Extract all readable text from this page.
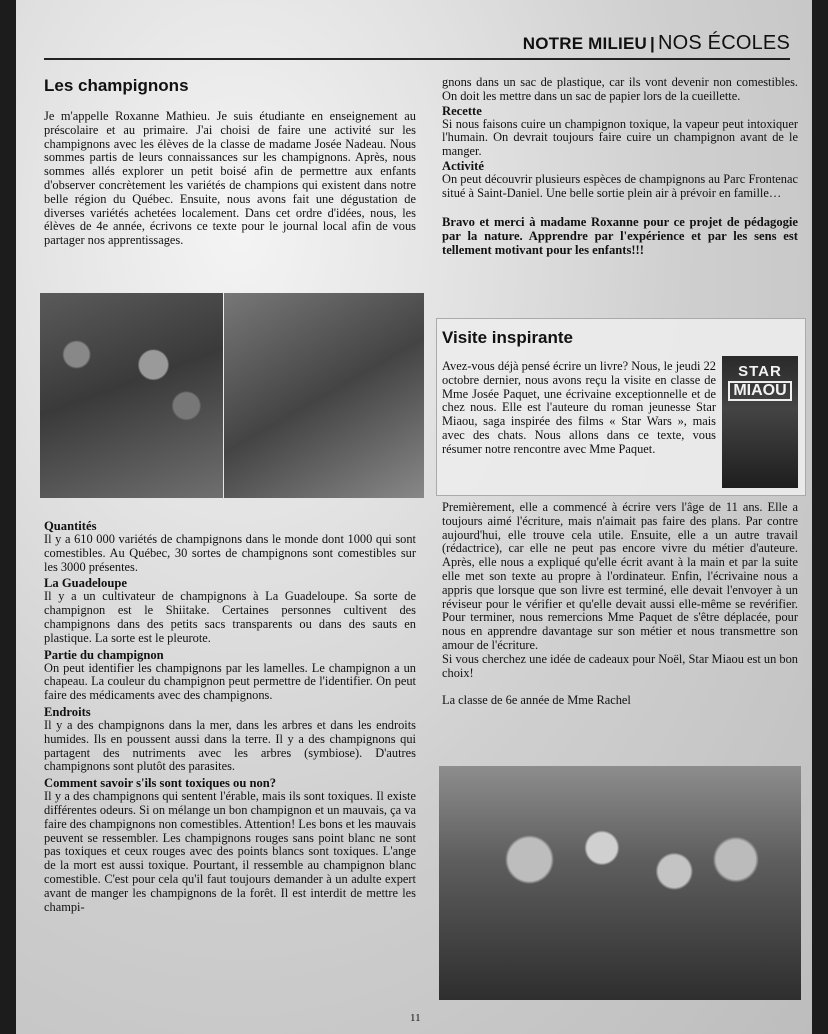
NOTRE MILIEU | NOS ÉCOLES
Les champignons
Je m'appelle Roxanne Mathieu. Je suis étudiante en enseignement au préscolaire et au primaire. J'ai choisi de faire une activité sur les champignons avec les élèves de la classe de madame Josée Nadeau. Nous sommes partis de leurs connaissances sur les champignons. Après, nous sommes allés explorer un petit boisé afin de permettre aux enfants d'observer concrètement les variétés de champions qui existent dans notre belle région du Québec. Ensuite, nous avons fait une dégustation de diverses variétés achetées localement. Dans cet ordre d'idées, nous, les élèves de 4e année, écrivons ce texte pour le journal local afin de vous partager nos apprentissages.
Quantités
Il y a 610 000 variétés de champignons dans le monde dont 1000 qui sont comestibles. Au Québec, 30 sortes de champignons sont comestibles sur les 3000 présentes.
La Guadeloupe
Il y a un cultivateur de champignons à La Guadeloupe. Sa sorte de champignon est le Shiitake. Certaines personnes cultivent des champignons dans des petits sacs transparents ou dans des sauts en plastique. La sorte est le pleurote.
Partie du champignon
On peut identifier les champignons par les lamelles. Le champignon a un chapeau. La couleur du champignon peut permettre de l'identifier. On peut faire des médicaments avec des champignons.
Endroits
Il y a des champignons dans la mer, dans les arbres et dans les endroits humides. Ils en poussent aussi dans la terre. Il y a des champignons qui partagent des nutriments avec les arbres (symbiose). D'autres champignons sont plutôt des parasites.
Comment savoir s'ils sont toxiques ou non?
Il y a des champignons qui sentent l'érable, mais ils sont toxiques. Il existe différentes odeurs. Si on mélange un bon champignon et un mauvais, ça va faire des champignons non comestibles. Attention! Les bons et les mauvais peuvent se ressembler. Les champignons rouges sans point blanc ne sont pas toxiques et ceux rouges avec des points blancs sont toxiques. L'ange de la mort est aussi toxique. Pourtant, il ressemble au champignon blanc comestible. C'est pour cela qu'il faut toujours demander à un adulte expert avant de manger les champignons de la forêt. Il est interdit de mettre les champi-
gnons dans un sac de plastique, car ils vont devenir non comestibles. On doit les mettre dans un sac de papier lors de la cueillette.
Recette
Si nous faisons cuire un champignon toxique, la vapeur peut intoxiquer l'humain. On devrait toujours faire cuire un champignon avant de le manger.
Activité
On peut découvrir plusieurs espèces de champignons au Parc Frontenac situé à Saint-Daniel. Une belle sortie plein air à prévoir en famille…
Bravo et merci à madame Roxanne pour ce projet de pédagogie par la nature. Apprendre par l'expérience et par les sens est tellement motivant pour les enfants!!!
Visite inspirante
Avez-vous déjà pensé écrire un livre? Nous, le jeudi 22 octobre dernier, nous avons reçu la visite en classe de Mme Josée Paquet, une écrivaine exceptionnelle et de chez nous. Elle est l'auteure du roman jeunesse Star Miaou, saga inspirée des films « Star Wars », mais avec des chats. Nous allons dans ce texte, vous résumer notre rencontre avec Mme Paquet.
STAR
MIAOU
Premièrement, elle a commencé à écrire vers l'âge de 11 ans. Elle a toujours aimé l'écriture, mais n'aimait pas faire des plans. Par contre aujourd'hui, elle trouve cela utile. Ensuite, elle a un autre travail (rédactrice), car elle ne peut pas encore vivre du métier d'auteure. Après, elle nous a expliqué qu'elle écrit avant à la main et par la suite elle met son texte au propre à l'ordinateur. Enfin, l'écrivaine nous a appris que lorsque que son livre est terminé, elle devait l'envoyer à un réviseur pour le vérifier et qu'elle devait aussi elle-même se revérifier. Pour terminer, nous remercions Mme Paquet de s'être déplacée, pour nous en apprendre davantage sur son métier et nous transmettre son amour de l'écriture.
Si vous cherchez une idée de cadeaux pour Noël, Star Miaou est un bon choix!
La classe de 6e année de Mme Rachel
11
